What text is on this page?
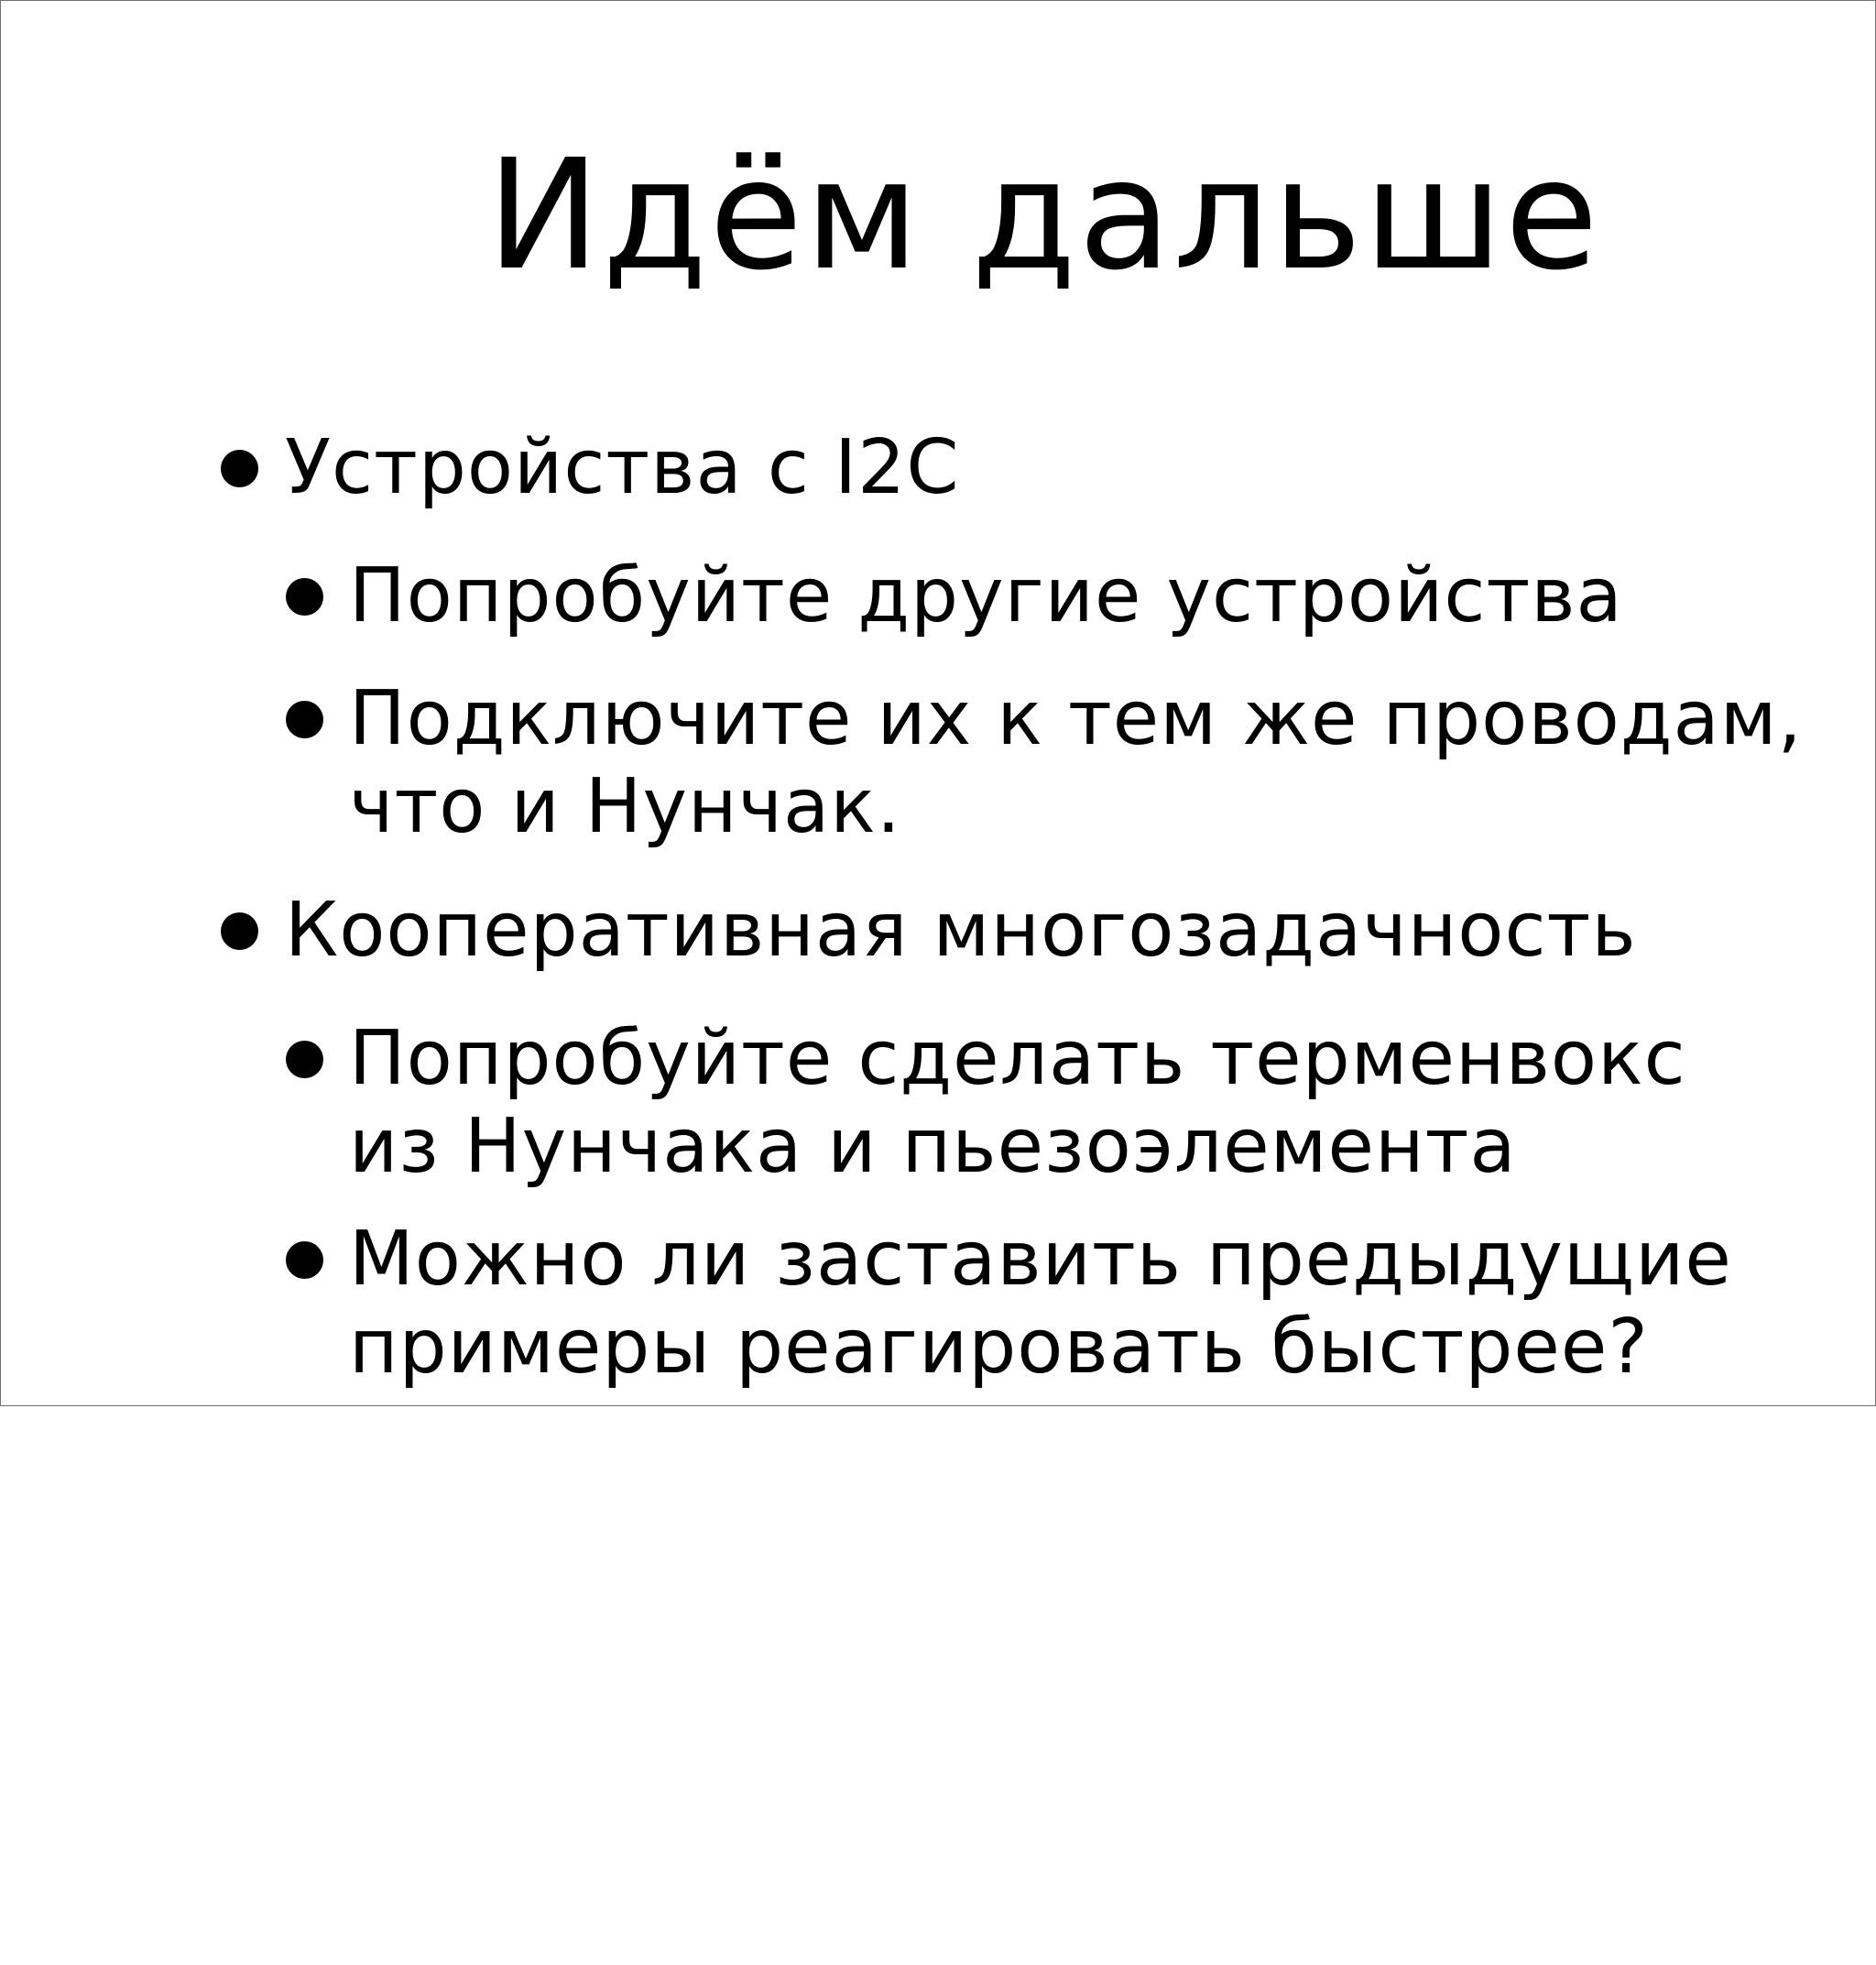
Идём дальше
Устройства с I2C
Попробуйте другие устройства
Подключите их к тем же проводам,
что и Нунчак.
Кооперативная многозадачность
Попробуйте сделать терменвокс
из Нунчака и пьезоэлемента
Можно ли заставить предыдущие
примеры реагировать быстрее?
